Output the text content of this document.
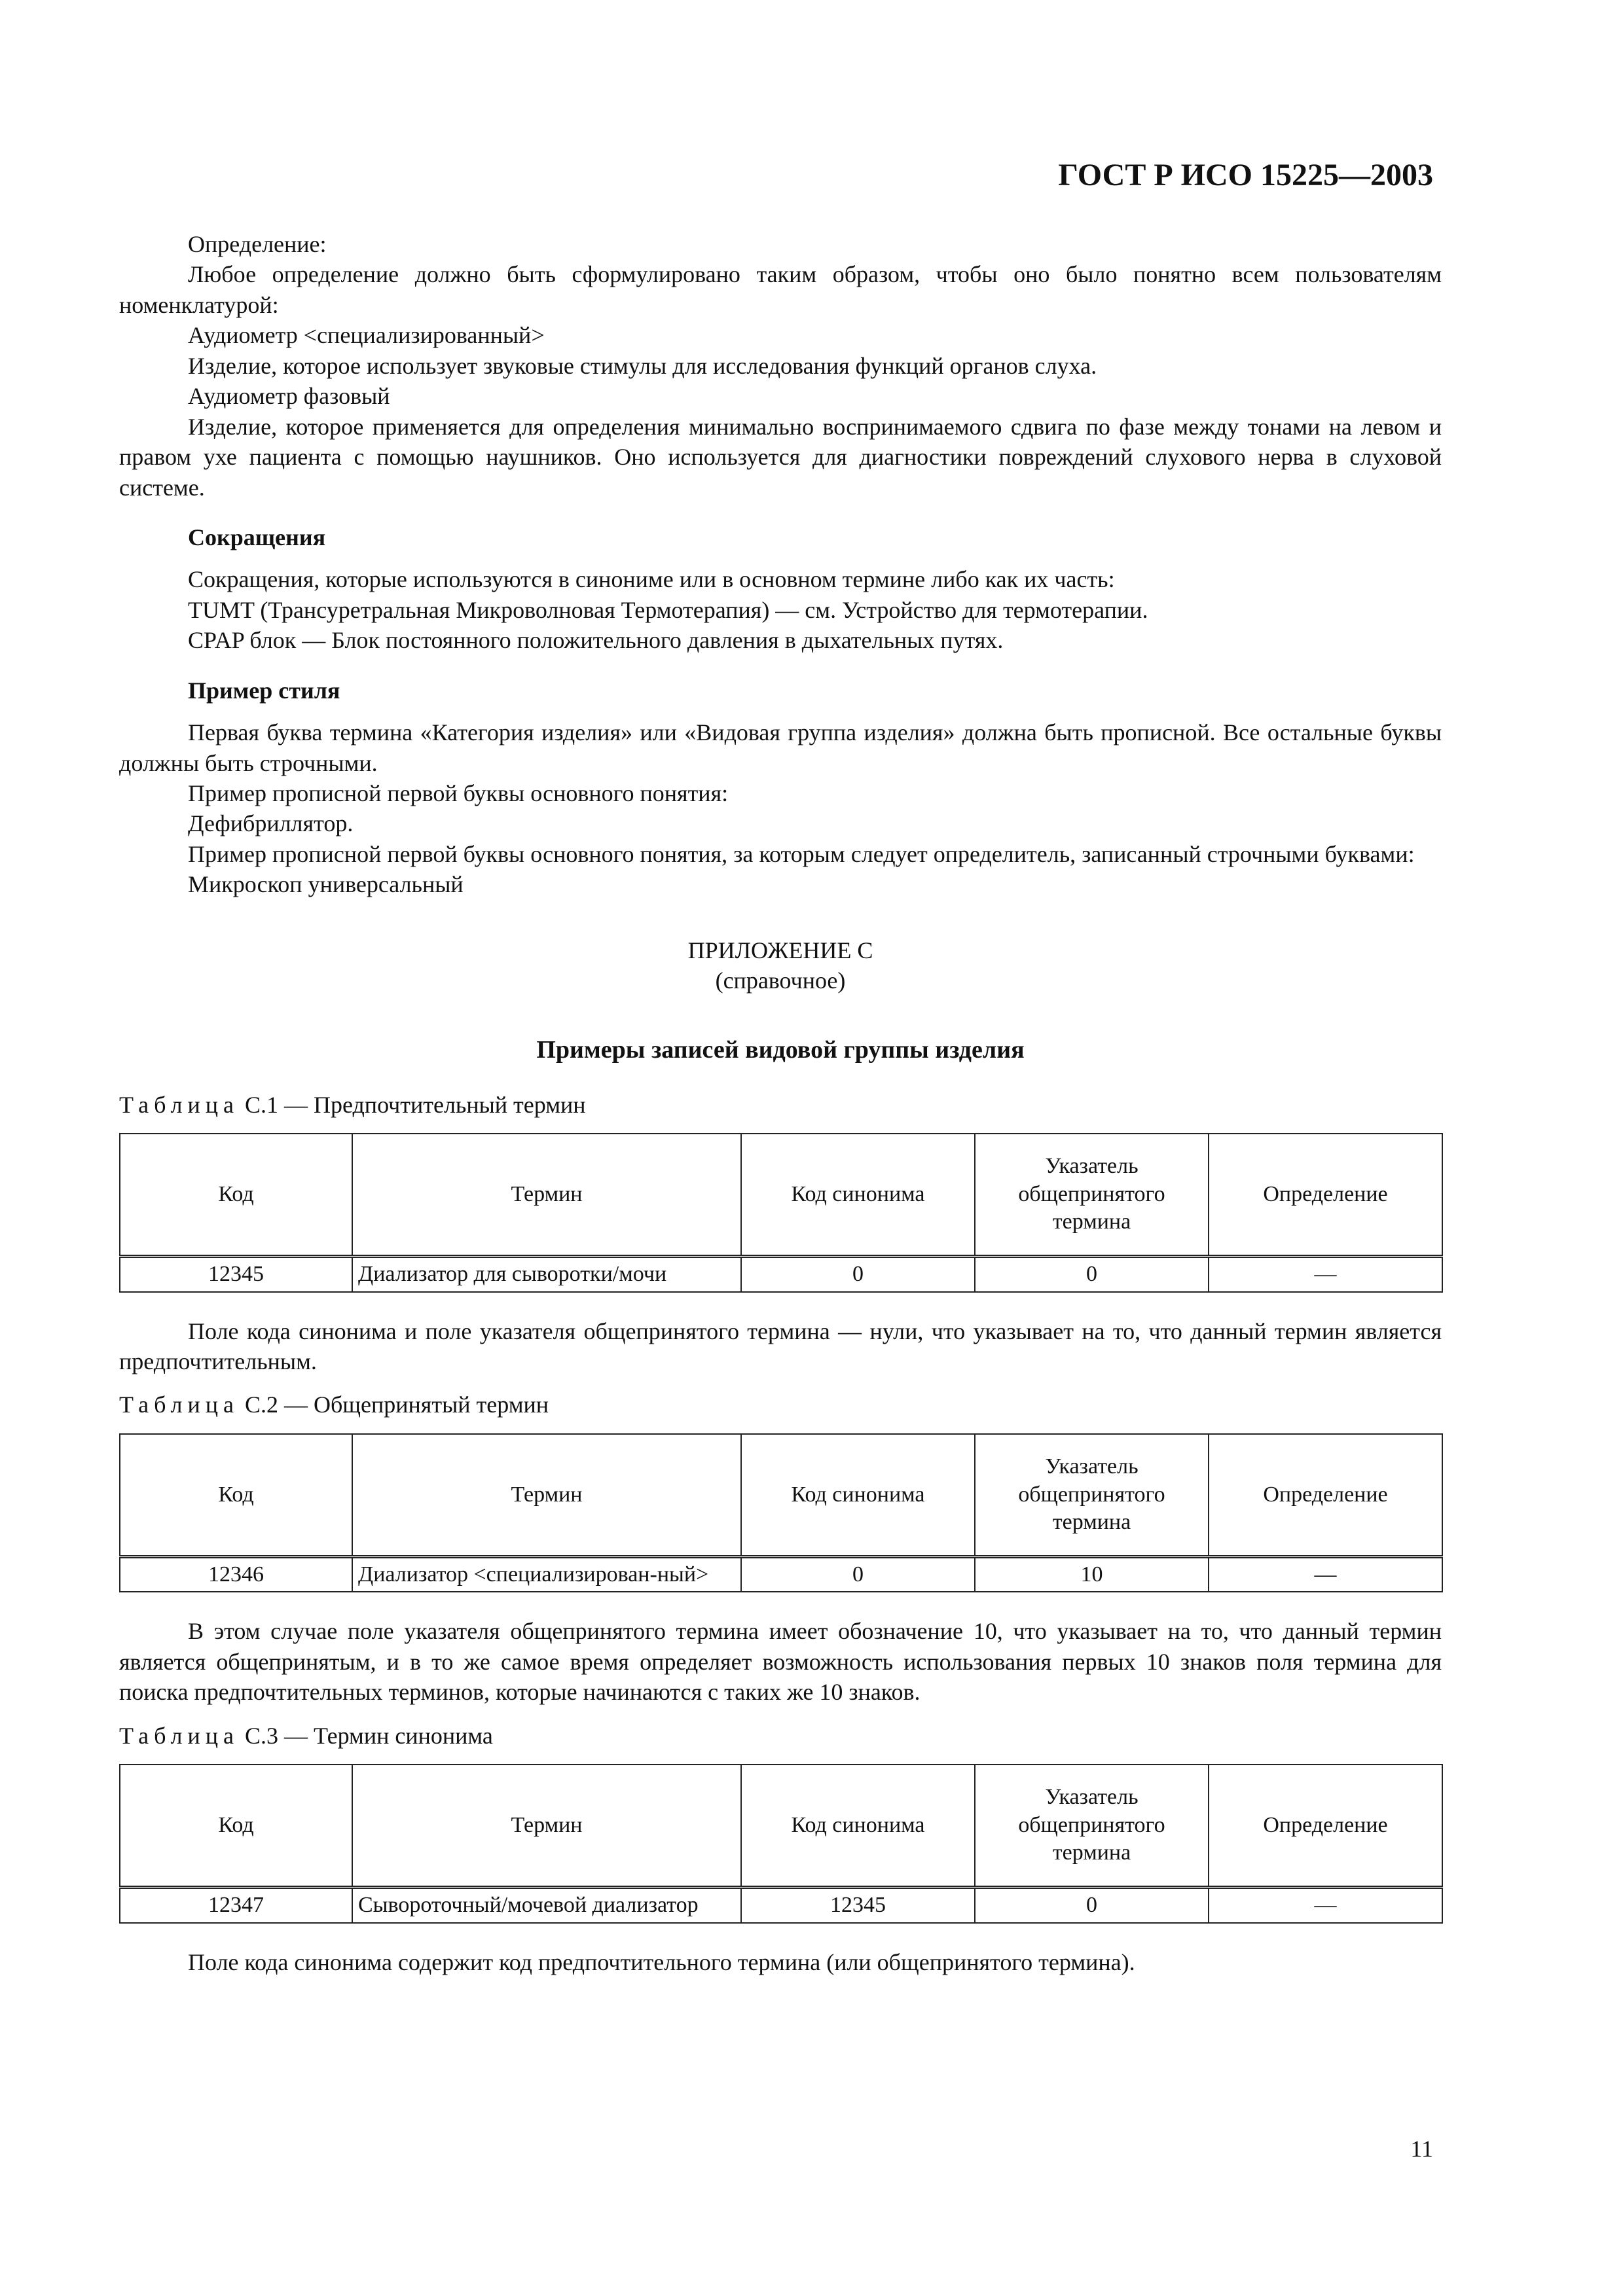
ГОСТ Р ИСО 15225—2003

Определение:

Любое определение должно быть сформулировано таким образом, чтобы оно было понятно всем пользователям номенклатурой:

Аудиометр <специализированный>

Изделие, которое использует звуковые стимулы для исследования функций органов слуха.

Аудиометр фазовый

Изделие, которое применяется для определения минимально воспринимаемого сдвига по фазе между тонами на левом и правом ухе пациента с помощью наушников. Оно используется для диагностики повреждений слухового нерва в слуховой системе.

Сокращения

Сокращения, которые используются в синониме или в основном термине либо как их часть:

TUMT (Трансуретральная Микроволновая Термотерапия) — см. Устройство для термотерапии.

CPAP блок — Блок постоянного положительного давления в дыхательных путях.

Пример стиля

Первая буква термина «Категория изделия» или «Видовая группа изделия» должна быть прописной. Все остальные буквы должны быть строчными.

Пример прописной первой буквы основного понятия:

Дефибриллятор.

Пример прописной первой буквы основного понятия, за которым следует определитель, записанный строчными буквами:

Микроскоп универсальный

ПРИЛОЖЕНИЕ С
(справочное)
Примеры записей видовой группы изделия
Таблица С.1 — Предпочтительный термин
Код	Термин	Код синонима	Указатель общепринятого термина	Определение
12345	Диализатор для сыворотки/мочи	0	0	—

Поле кода синонима и поле указателя общепринятого термина — нули, что указывает на то, что данный термин является предпочтительным.

Таблица С.2 — Общепринятый термин
Код	Термин	Код синонима	Указатель общепринятого термина	Определение
12346	Диализатор <специализирован-ный>	0	10	—

В этом случае поле указателя общепринятого термина имеет обозначение 10, что указывает на то, что данный термин является общепринятым, и в то же самое время определяет возможность использования первых 10 знаков поля термина для поиска предпочтительных терминов, которые начинаются с таких же 10 знаков.

Таблица С.3 — Термин синонима
Код	Термин	Код синонима	Указатель общепринятого термина	Определение
12347	Сывороточный/мочевой диализатор	12345	0	—

Поле кода синонима содержит код предпочтительного термина (или общепринятого термина).

11
